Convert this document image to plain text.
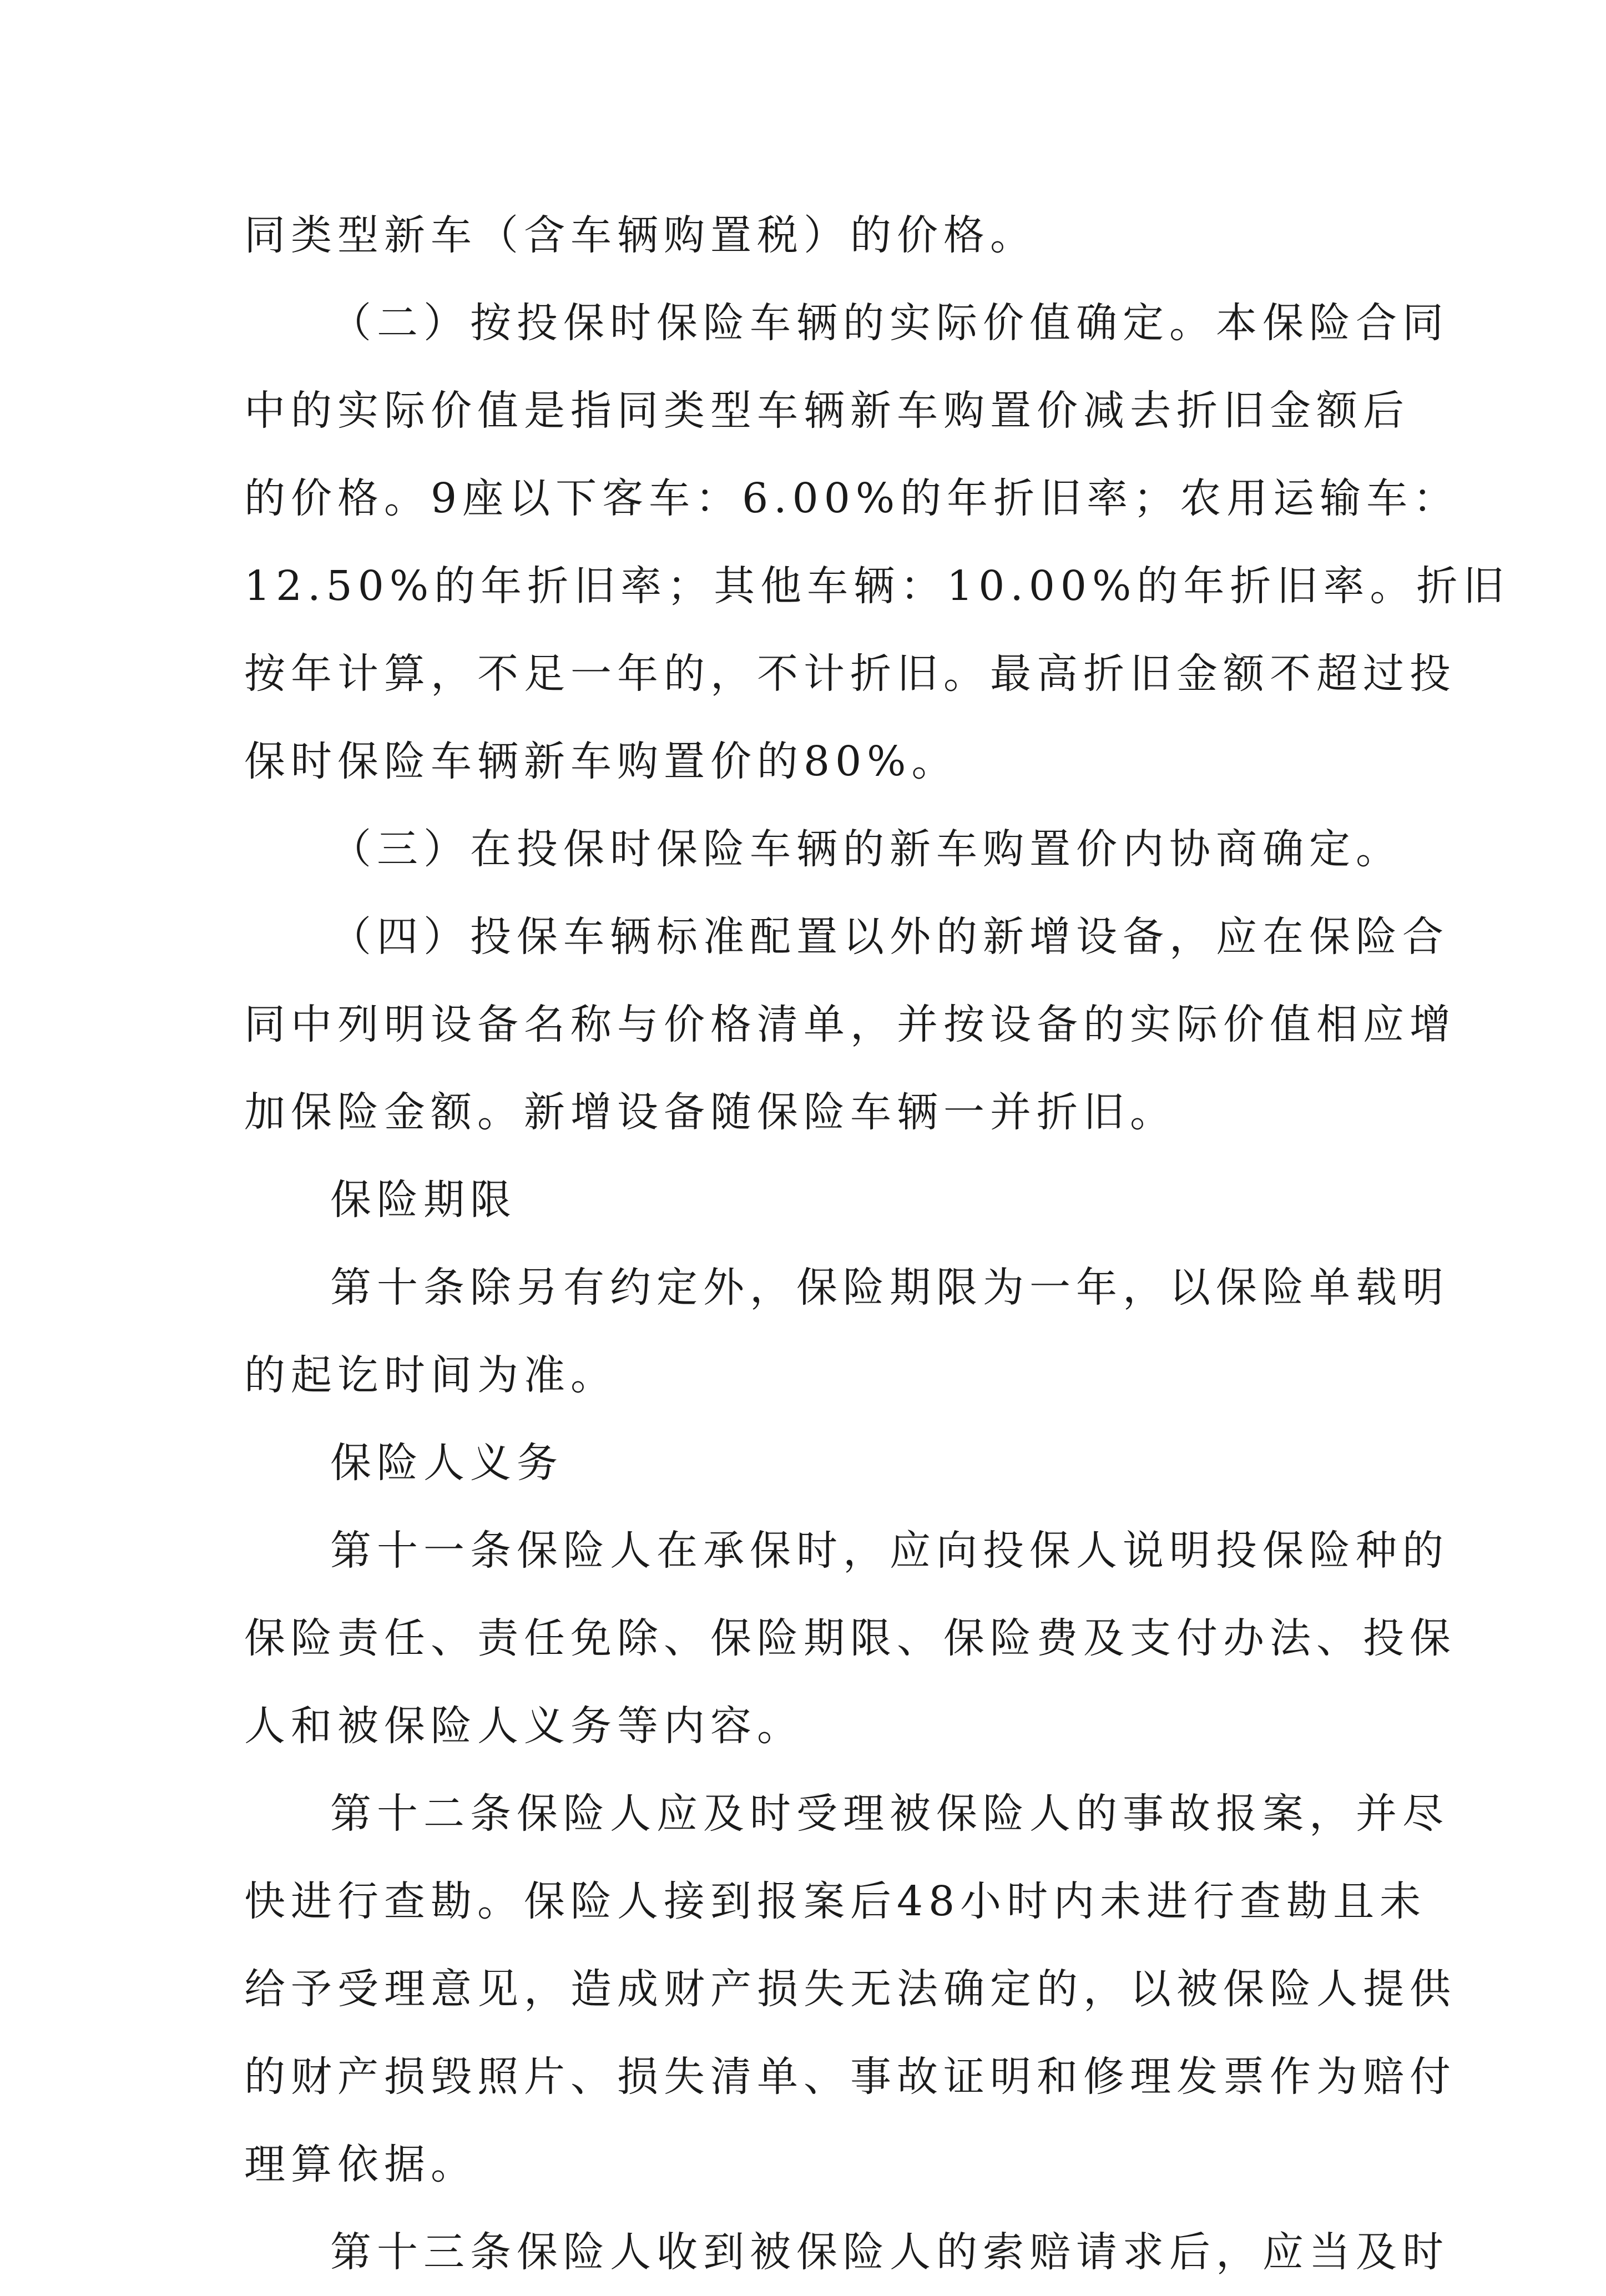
同类型新车（含车辆购置税）的价格。
（二）按投保时保险车辆的实际价值确定。本保险合同
中的实际价值是指同类型车辆新车购置价减去折旧金额后
的价格。9座以下客车：6.00%的年折旧率；农用运输车：
12.50%的年折旧率；其他车辆：10.00%的年折旧率。折旧
按年计算，不足一年的，不计折旧。最高折旧金额不超过投
保时保险车辆新车购置价的80%。
（三）在投保时保险车辆的新车购置价内协商确定。
（四）投保车辆标准配置以外的新增设备，应在保险合
同中列明设备名称与价格清单，并按设备的实际价值相应增
加保险金额。新增设备随保险车辆一并折旧。
保险期限
第十条除另有约定外，保险期限为一年，以保险单载明
的起讫时间为准。
保险人义务
第十一条保险人在承保时，应向投保人说明投保险种的
保险责任、责任免除、保险期限、保险费及支付办法、投保
人和被保险人义务等内容。
第十二条保险人应及时受理被保险人的事故报案，并尽
快进行查勘。保险人接到报案后48小时内未进行查勘且未
给予受理意见，造成财产损失无法确定的，以被保险人提供
的财产损毁照片、损失清单、事故证明和修理发票作为赔付
理算依据。
第十三条保险人收到被保险人的索赔请求后，应当及时
